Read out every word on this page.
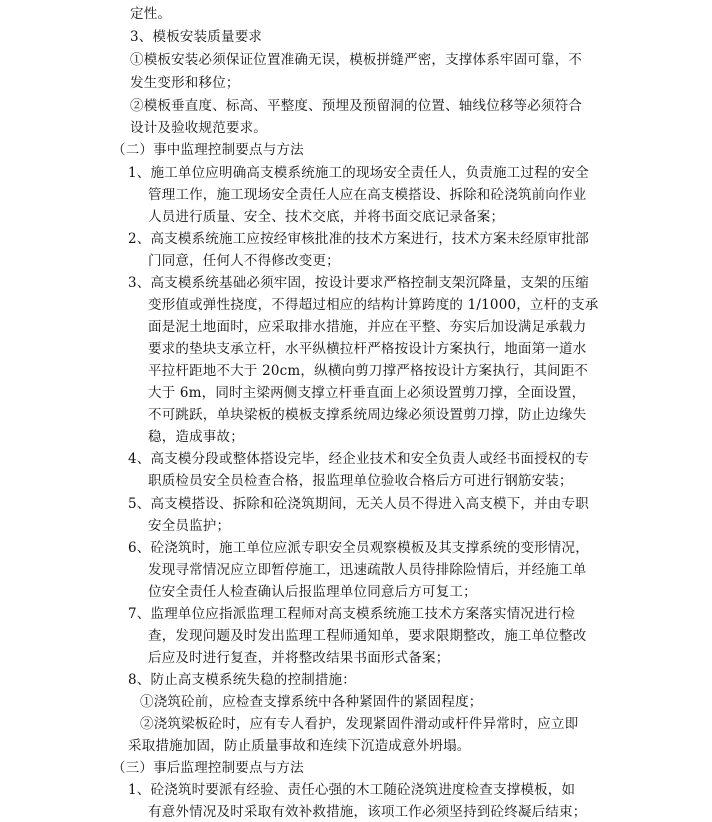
定性。
3、模板安装质量要求
①模板安装必须保证位置准确无误，模板拼缝严密，支撑体系牢固可靠，不
发生变形和移位；
②模板垂直度、标高、平整度、预埋及预留洞的位置、轴线位移等必须符合
设计及验收规范要求。
（二）事中监理控制要点与方法
1、施工单位应明确高支模系统施工的现场安全责任人，负责施工过程的安全
管理工作，施工现场安全责任人应在高支模搭设、拆除和砼浇筑前向作业
人员进行质量、安全、技术交底，并将书面交底记录备案；
2、高支模系统施工应按经审核批准的技术方案进行，技术方案未经原审批部
门同意，任何人不得修改变更；
3、高支模系统基础必须牢固，按设计要求严格控制支架沉降量，支架的压缩
变形值或弹性挠度，不得超过相应的结构计算跨度的 1/1000，立杆的支承
面是泥土地面时，应采取排水措施，并应在平整、夯实后加设满足承载力
要求的垫块支承立杆，水平纵横拉杆严格按设计方案执行，地面第一道水
平拉杆距地不大于 20cm，纵横向剪刀撑严格按设计方案执行，其间距不
大于 6m，同时主梁两侧支撑立杆垂直面上必须设置剪刀撑，全面设置，
不可跳跃，单块梁板的模板支撑系统周边缘必须设置剪刀撑，防止边缘失
稳，造成事故；
4、高支模分段或整体搭设完毕，经企业技术和安全负责人或经书面授权的专
职质检员安全员检查合格，报监理单位验收合格后方可进行钢筋安装；
5、高支模搭设、拆除和砼浇筑期间，无关人员不得进入高支模下，并由专职
安全员监护；
6、砼浇筑时，施工单位应派专职安全员观察模板及其支撑系统的变形情况，
发现寻常情况应立即暂停施工，迅速疏散人员待排除险情后，并经施工单
位安全责任人检查确认后报监理单位同意后方可复工；
7、监理单位应指派监理工程师对高支模系统施工技术方案落实情况进行检
查，发现问题及时发出监理工程师通知单，要求限期整改，施工单位整改
后应及时进行复查，并将整改结果书面形式备案；
8、防止高支模系统失稳的控制措施：
①浇筑砼前，应检查支撑系统中各种紧固件的紧固程度；
②浇筑梁板砼时，应有专人看护，发现紧固件滑动或杆件异常时，应立即
采取措施加固，防止质量事故和连续下沉造成意外坍塌。
（三）事后监理控制要点与方法
1、砼浇筑时要派有经验、责任心强的木工随砼浇筑进度检查支撑模板，如
有意外情况及时采取有效补救措施，该项工作必须坚持到砼终凝后结束；
